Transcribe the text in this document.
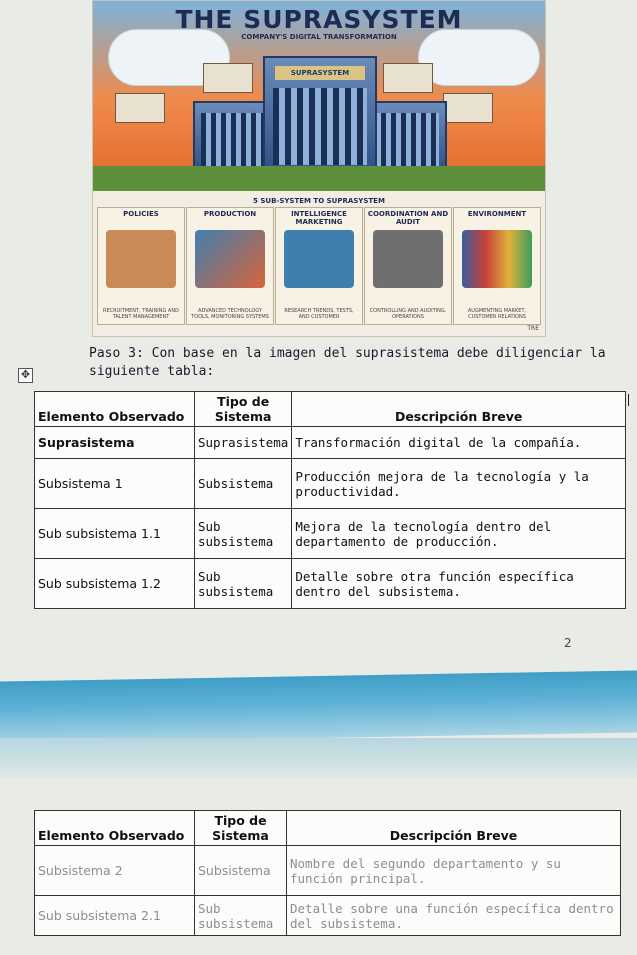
THE SUPRASYSTEM
COMPANY'S DIGITAL TRANSFORMATION
SUPRASYSTEM
5 SUB-SYSTEM TO SUPRASYSTEM
POLICIES
RECRUITMENT, TRAINING AND TALENT MANAGEMENT
PRODUCTION
ADVANCED TECHNOLOGY TOOLS, MONITORING SYSTEMS
INTELLIGENCE MARKETING
RESEARCH TRENDS, TESTS, AND CUSTOMER
COORDINATION AND AUDIT
CONTROLLING AND AUDITING, OPERATIONS
ENVIRONMENT
AUGMENTING MARKET, CUSTOMER RELATIONS
TRE
Paso 3: Con base en la imagen del suprasistema debe diligenciar la
siguiente tabla:
✥
Elemento Observado	Tipo de Sistema	Descripción Breve
Suprasistema	Suprasistema	Transformación digital de la compañía.
Subsistema 1	Subsistema	Producción mejora de la tecnología y la productividad.
Sub subsistema 1.1	Sub subsistema	Mejora de la tecnología dentro del departamento de producción.
Sub subsistema 1.2	Sub subsistema	Detalle sobre otra función específica dentro del subsistema.
2
Elemento Observado	Tipo de Sistema	Descripción Breve
Subsistema 2	Subsistema	Nombre del segundo departamento y su función principal.
Sub subsistema 2.1	Sub subsistema	Detalle sobre una función específica dentro del subsistema.
